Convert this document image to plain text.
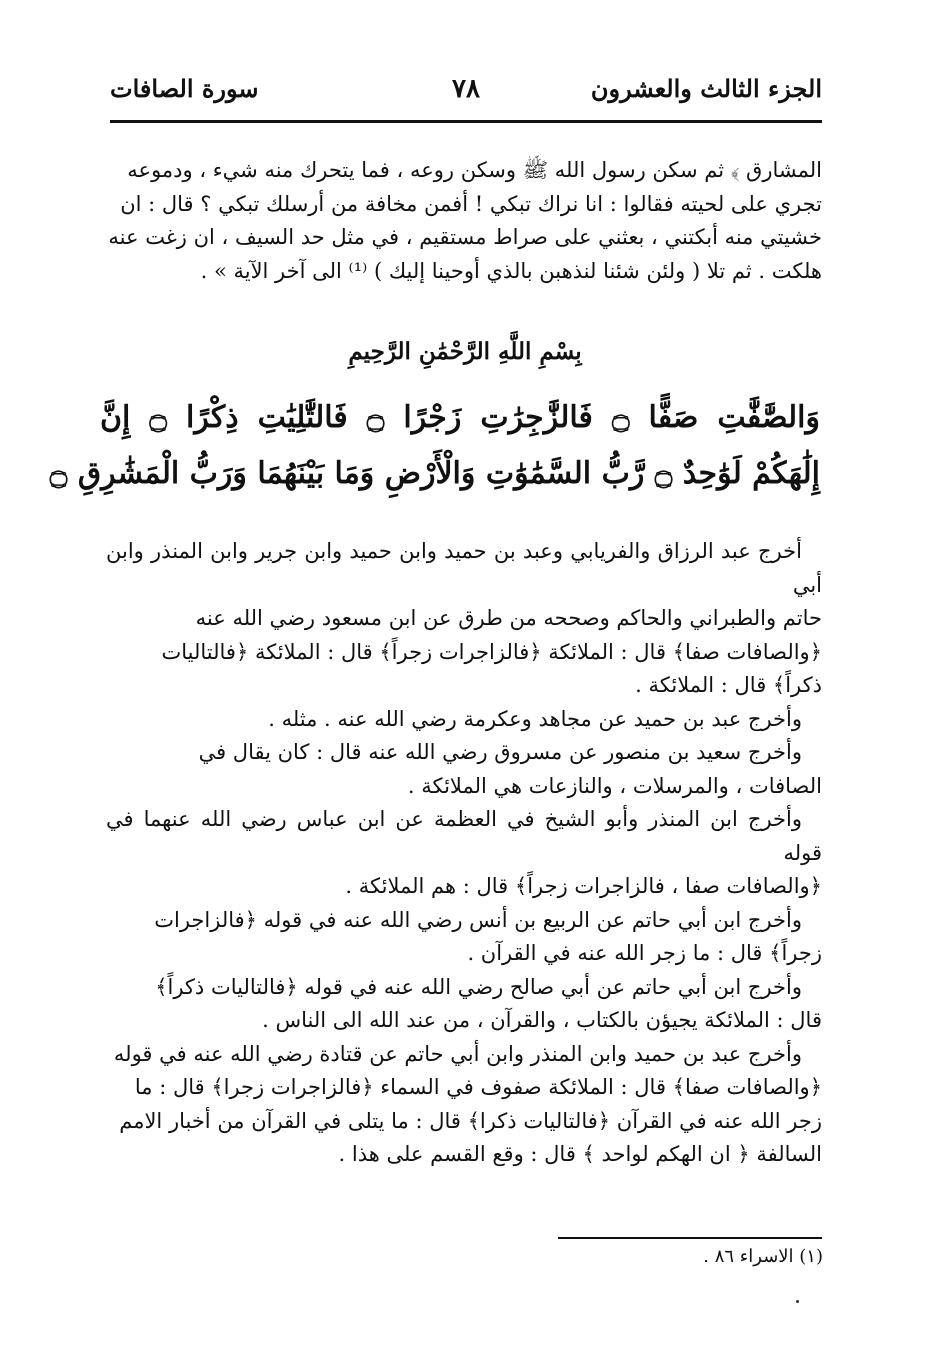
الجزء الثالث والعشرون
٧٨
سورة الصافات

المشارق ﴾ ثم سكن رسول الله ﷺ وسكن روعه ، فما يتحرك منه شيء ، ودموعه

تجري على لحيته فقالوا : انا نراك تبكي ! أفمن مخافة من أرسلك تبكي ؟ قال : ان

خشيتي منه أبكتني ، بعثني على صراط مستقيم ، في مثل حد السيف ، ان زغت عنه

هلكت . ثم تلا ( ولئن شئنا لنذهبن بالذي أوحينا إليك ) ⁽¹⁾ الى آخر الآية » .

بِسْمِ اللَّهِ الرَّحْمَٰنِ الرَّحِيمِ
وَالصَّٰفَّٰتِ صَفًّا ۝ فَالزَّٰجِرَٰتِ زَجْرًا ۝ فَالتَّٰلِيَٰتِ ذِكْرًا ۝ إِنَّ
إِلَٰهَكُمْ لَوَٰحِدٌ ۝ رَّبُّ السَّمَٰوَٰتِ وَالْأَرْضِ وَمَا بَيْنَهُمَا وَرَبُّ الْمَشَٰرِقِ ۝

أخرج عبد الرزاق والفريابي وعبد بن حميد وابن حميد وابن جرير وابن المنذر وابن أبي

حاتم والطبراني والحاكم وصححه من طرق عن ابن مسعود رضي الله عنه

﴿والصافات صفا﴾ قال : الملائكة ﴿فالزاجرات زجراً﴾ قال : الملائكة ﴿فالتاليات

ذكراً﴾ قال : الملائكة .

وأخرج عبد بن حميد عن مجاهد وعكرمة رضي الله عنه . مثله .

وأخرج سعيد بن منصور عن مسروق رضي الله عنه قال : كان يقال في

الصافات ، والمرسلات ، والنازعات هي الملائكة .

وأخرج ابن المنذر وأبو الشيخ في العظمة عن ابن عباس رضي الله عنهما في قوله

﴿والصافات صفا ، فالزاجرات زجراً﴾ قال : هم الملائكة .

وأخرج ابن أبي حاتم عن الربيع بن أنس رضي الله عنه في قوله ﴿فالزاجرات

زجراً﴾ قال : ما زجر الله عنه في القرآن .

وأخرج ابن أبي حاتم عن أبي صالح رضي الله عنه في قوله ﴿فالتاليات ذكراً﴾

قال : الملائكة يجيؤن بالكتاب ، والقرآن ، من عند الله الى الناس .

وأخرج عبد بن حميد وابن المنذر وابن أبي حاتم عن قتادة رضي الله عنه في قوله

﴿والصافات صفا﴾ قال : الملائكة صفوف في السماء ﴿فالزاجرات زجرا﴾ قال : ما

زجر الله عنه في القرآن ﴿فالتاليات ذكرا﴾ قال : ما يتلى في القرآن من أخبار الامم

السالفة ﴿ ان الهكم لواحد ﴾ قال : وقع القسم على هذا .

(١) الاسراء ٨٦ .
